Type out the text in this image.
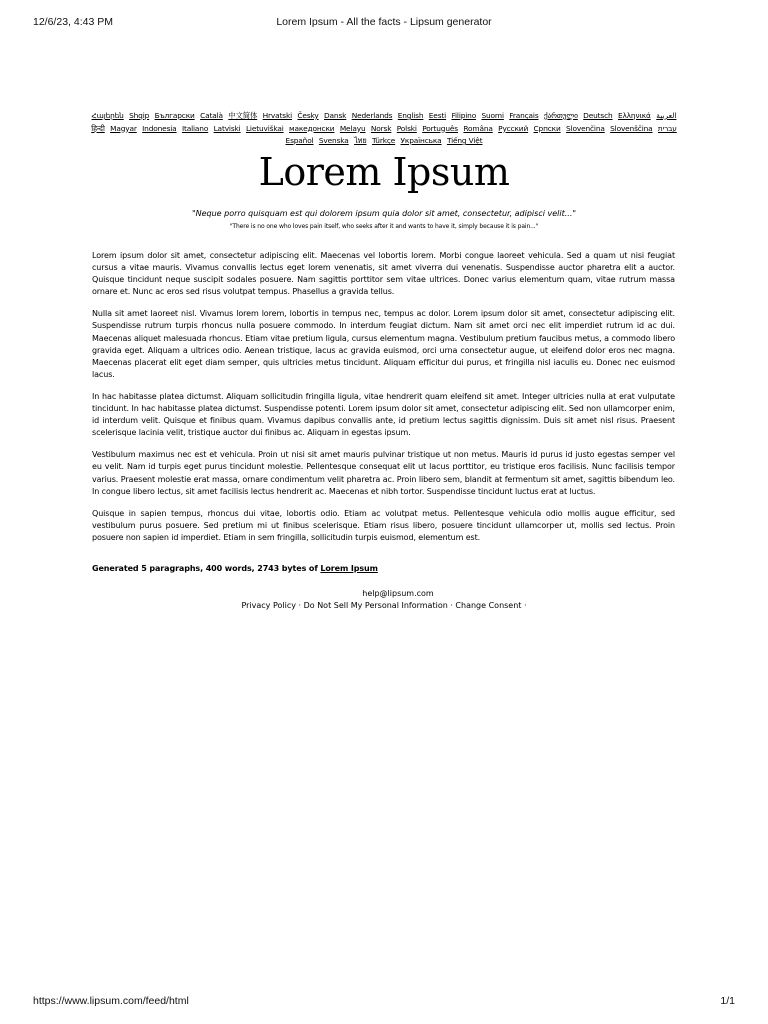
12/6/23, 4:43 PM	Lorem Ipsum - All the facts - Lipsum generator
Հայերեն Shqip	‫العربية Български Català 中文简体 Hrvatski Česky Dansk Nederlands English Eesti Filipino Suomi Français ქართული Deutsch Ελληνικά
‫עברית हिन्दी Magyar Indonesia Italiano Latviski Lietuviškai македонски Melayu Norsk Polski Português Româna Pyccкий Српски Slovenčina Slovenščina
Español Svenska ไทย Türkçe Українська Tiếng Việt
Lorem Ipsum
"Neque porro quisquam est qui dolorem ipsum quia dolor sit amet, consectetur, adipisci velit..."
"There is no one who loves pain itself, who seeks after it and wants to have it, simply because it is pain..."

Lorem ipsum dolor sit amet, consectetur adipiscing elit. Maecenas vel lobortis lorem. Morbi congue laoreet vehicula. Sed a quam ut nisi feugiat cursus a vitae mauris. Vivamus convallis lectus eget lorem venenatis, sit amet viverra dui venenatis. Suspendisse auctor pharetra elit a auctor. Quisque tincidunt neque suscipit sodales posuere. Nam sagittis porttitor sem vitae ultrices. Donec varius elementum quam, vitae rutrum massa ornare et. Nunc ac eros sed risus volutpat tempus. Phasellus a gravida tellus.

Nulla sit amet laoreet nisl. Vivamus lorem lorem, lobortis in tempus nec, tempus ac dolor. Lorem ipsum dolor sit amet, consectetur adipiscing elit. Suspendisse rutrum turpis rhoncus nulla posuere commodo. In interdum feugiat dictum. Nam sit amet orci nec elit imperdiet rutrum id ac dui. Maecenas aliquet malesuada rhoncus. Etiam vitae pretium ligula, cursus elementum magna. Vestibulum pretium faucibus metus, a commodo libero gravida eget. Aliquam a ultrices odio. Aenean tristique, lacus ac gravida euismod, orci urna consectetur augue, ut eleifend dolor eros nec magna. Maecenas placerat elit eget diam semper, quis ultricies metus tincidunt. Aliquam efficitur dui purus, et fringilla nisl iaculis eu. Donec nec euismod lacus.

In hac habitasse platea dictumst. Aliquam sollicitudin fringilla ligula, vitae hendrerit quam eleifend sit amet. Integer ultricies nulla at erat vulputate tincidunt. In hac habitasse platea dictumst. Suspendisse potenti. Lorem ipsum dolor sit amet, consectetur adipiscing elit. Sed non ullamcorper enim, id interdum velit. Quisque et finibus quam. Vivamus dapibus convallis ante, id pretium lectus sagittis dignissim. Duis sit amet nisl risus. Praesent scelerisque lacinia velit, tristique auctor dui finibus ac. Aliquam in egestas ipsum.

Vestibulum maximus nec est et vehicula. Proin ut nisi sit amet mauris pulvinar tristique ut non metus. Mauris id purus id justo egestas semper vel eu velit. Nam id turpis eget purus tincidunt molestie. Pellentesque consequat elit ut lacus porttitor, eu tristique eros facilisis. Nunc facilisis tempor varius. Praesent molestie erat massa, ornare condimentum velit pharetra ac. Proin libero sem, blandit at fermentum sit amet, sagittis bibendum leo. In congue libero lectus, sit amet facilisis lectus hendrerit ac. Maecenas et nibh tortor. Suspendisse tincidunt luctus erat at luctus.

Quisque in sapien tempus, rhoncus dui vitae, lobortis odio. Etiam ac volutpat metus. Pellentesque vehicula odio mollis augue efficitur, sed vestibulum purus posuere. Sed pretium mi ut finibus scelerisque. Etiam risus libero, posuere tincidunt ullamcorper ut, mollis sed lectus. Proin posuere non sapien id imperdiet. Etiam in sem fringilla, sollicitudin turpis euismod, elementum est.

Generated 5 paragraphs, 400 words, 2743 bytes of Lorem Ipsum
help@lipsum.com
Privacy Policy · Do Not Sell My Personal Information · Change Consent ·
https://www.lipsum.com/feed/html	1/1
